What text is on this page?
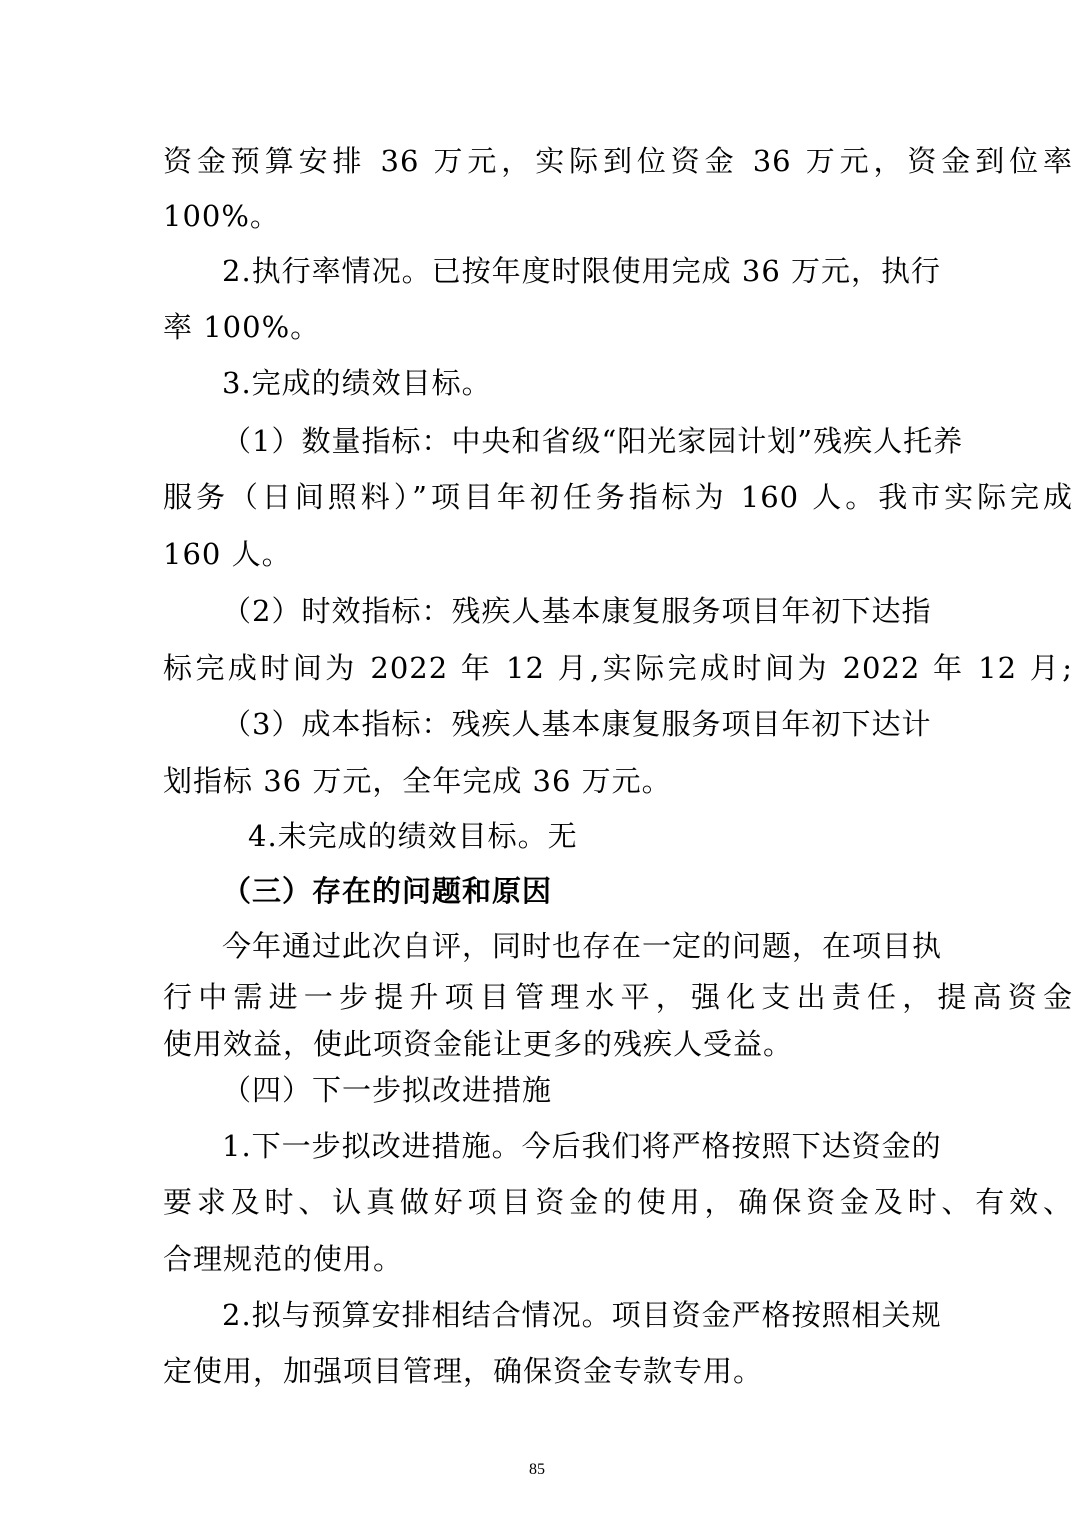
资金预算安排 36 万元，实际到位资金 36 万元，资金到位率
100%。
2.执行率情况。已按年度时限使用完成 36 万元，执行
率 100%。
3.完成的绩效目标。
（1）数量指标：中央和省级“阳光家园计划”残疾人托养
服务（日间照料）”项目年初任务指标为 160 人。我市实际完成
160 人。
（2）时效指标：残疾人基本康复服务项目年初下达指
标完成时间为 2022 年 12 月,实际完成时间为 2022 年 12 月;
（3）成本指标：残疾人基本康复服务项目年初下达计
划指标 36 万元，全年完成 36 万元。
4.未完成的绩效目标。无
（三）存在的问题和原因
今年通过此次自评，同时也存在一定的问题，在项目执
行中需进一步提升项目管理水平，强化支出责任，提高资金
使用效益，使此项资金能让更多的残疾人受益。
（四）下一步拟改进措施
1.下一步拟改进措施。今后我们将严格按照下达资金的
要求及时、认真做好项目资金的使用，确保资金及时、有效、
合理规范的使用。
2.拟与预算安排相结合情况。项目资金严格按照相关规
定使用，加强项目管理，确保资金专款专用。
85
